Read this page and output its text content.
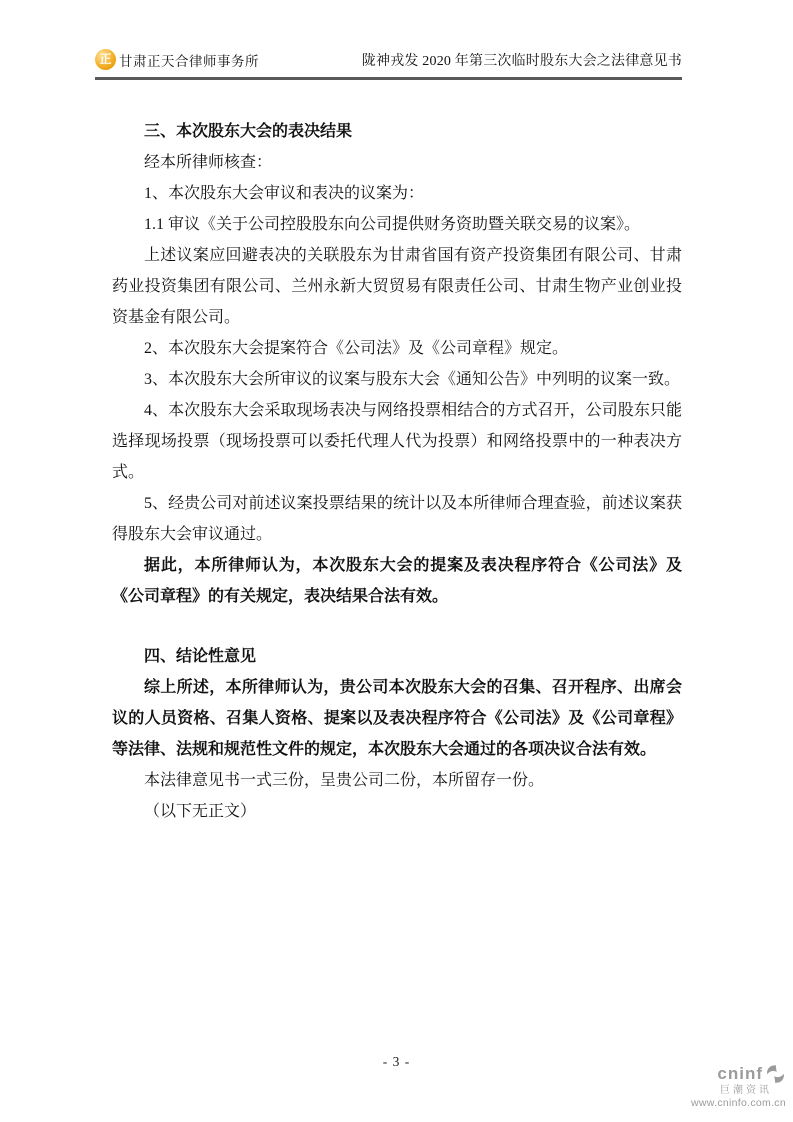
正 甘肃正天合律师事务所	陇神戎发 2020 年第三次临时股东大会之法律意见书

三、本次股东大会的表决结果

经本所律师核查：

1、本次股东大会审议和表决的议案为：

1.1 审议《关于公司控股股东向公司提供财务资助暨关联交易的议案》。

上述议案应回避表决的关联股东为甘肃省国有资产投资集团有限公司、甘肃药业投资集团有限公司、兰州永新大贸贸易有限责任公司、甘肃生物产业创业投资基金有限公司。

2、本次股东大会提案符合《公司法》及《公司章程》规定。

3、本次股东大会所审议的议案与股东大会《通知公告》中列明的议案一致。

4、本次股东大会采取现场表决与网络投票相结合的方式召开，公司股东只能选择现场投票（现场投票可以委托代理人代为投票）和网络投票中的一种表决方式。

5、经贵公司对前述议案投票结果的统计以及本所律师合理查验，前述议案获得股东大会审议通过。

据此，本所律师认为，本次股东大会的提案及表决程序符合《公司法》及《公司章程》的有关规定，表决结果合法有效。

四、结论性意见

综上所述，本所律师认为，贵公司本次股东大会的召集、召开程序、出席会议的人员资格、召集人资格、提案以及表决程序符合《公司法》及《公司章程》等法律、法规和规范性文件的规定，本次股东大会通过的各项决议合法有效。

本法律意见书一式三份，呈贵公司二份，本所留存一份。

（以下无正文）

- 3 -
cninf
巨潮资讯
www.cninfo.com.cn
